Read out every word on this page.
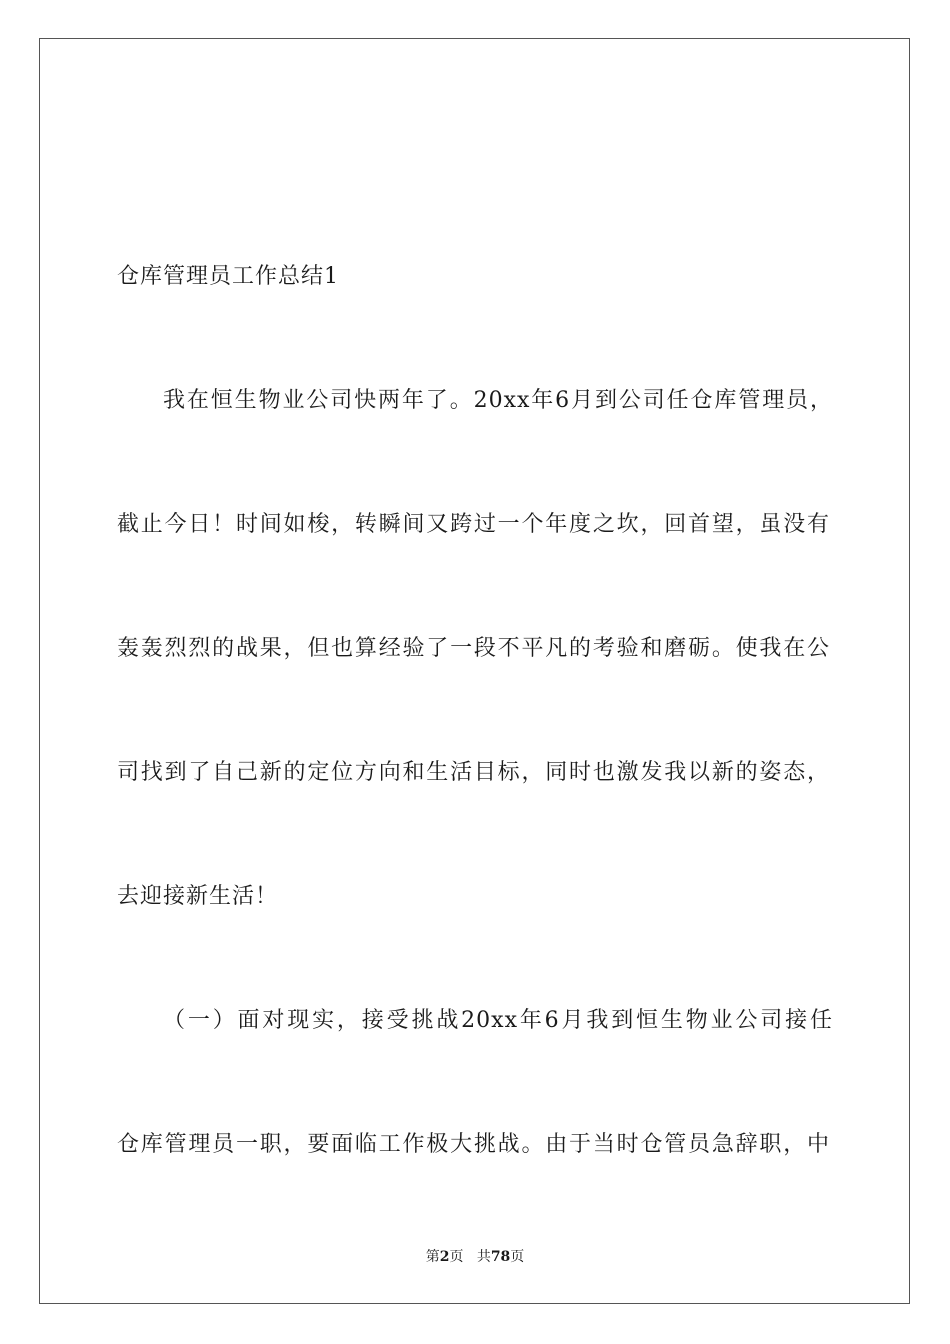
仓库管理员工作总结1
我在恒生物业公司快两年了。20xx年6月到公司任仓库管理员，
截止今日！时间如梭，转瞬间又跨过一个年度之坎，回首望，虽没有
轰轰烈烈的战果，但也算经验了一段不平凡的考验和磨砺。使我在公
司找到了自己新的定位方向和生活目标，同时也激发我以新的姿态，
去迎接新生活！
（一）面对现实，接受挑战20xx年6月我到恒生物业公司接任
仓库管理员一职，要面临工作极大挑战。由于当时仓管员急辞职，中
第2页 共78页
